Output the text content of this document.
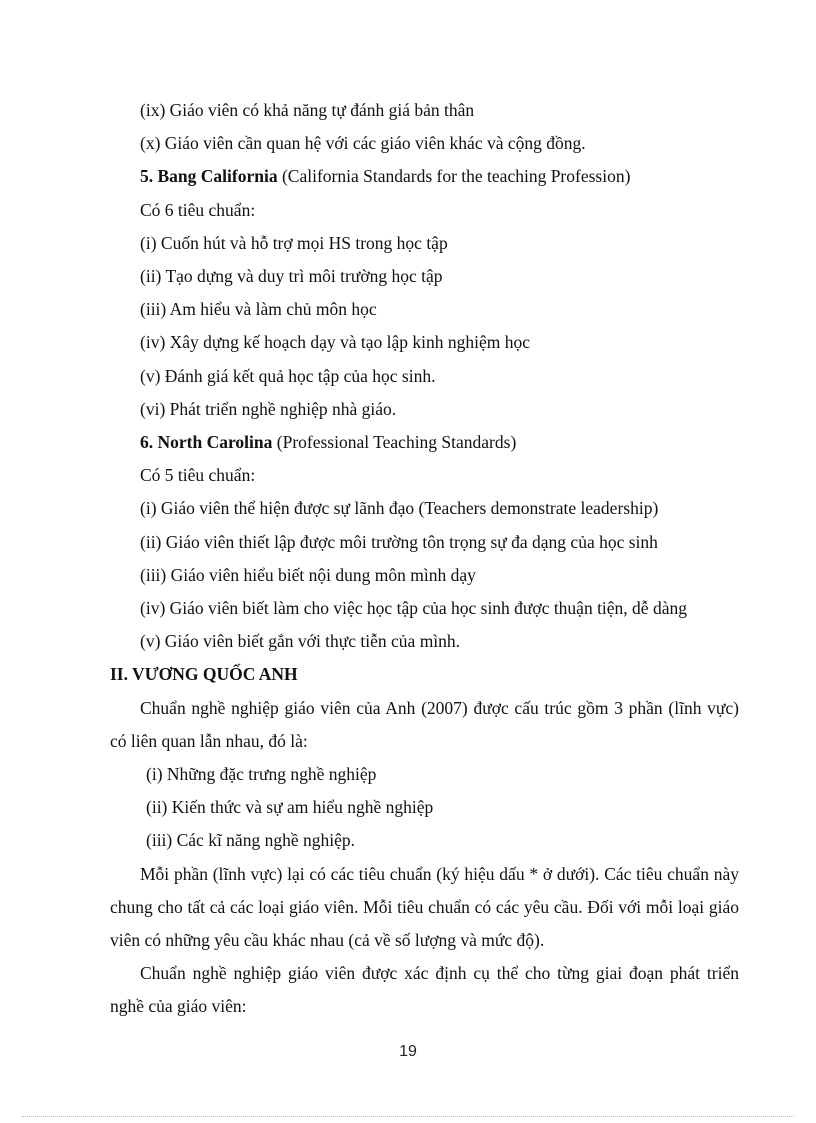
(ix) Giáo viên có khả năng tự đánh giá bản thân
(x) Giáo viên cần quan hệ với các giáo viên khác và cộng đồng.
5. Bang California (California Standards for the teaching Profession)
Có 6 tiêu chuẩn:
(i) Cuốn hút và hỗ trợ mọi HS trong học tập
(ii) Tạo dựng và duy trì môi trường học tập
(iii) Am hiểu và làm chủ môn học
(iv) Xây dựng kế hoạch dạy và tạo lập kinh nghiệm học
(v) Đánh giá kết quả học tập của học sinh.
(vi) Phát triển nghề nghiệp nhà giáo.
6. North Carolina (Professional Teaching Standards)
Có 5 tiêu chuẩn:
(i) Giáo viên thể hiện được sự lãnh đạo (Teachers demonstrate leadership)
(ii) Giáo viên thiết lập được môi trường tôn trọng sự đa dạng của học sinh
(iii) Giáo viên hiểu biết nội dung môn mình dạy
(iv) Giáo viên biết làm cho việc học tập của học sinh được thuận tiện, dễ dàng
(v) Giáo viên biết gắn với thực tiễn của mình.
II. VƯƠNG QUỐC ANH
Chuẩn nghề nghiệp giáo viên của Anh (2007) được cấu trúc gồm 3 phần (lĩnh vực) có liên quan lẫn nhau, đó là:
(i) Những đặc trưng nghề nghiệp
(ii) Kiến thức và sự am hiểu nghề nghiệp
(iii) Các kĩ năng nghề nghiệp.
Mỗi phần (lĩnh vực) lại có các tiêu chuẩn (ký hiệu dấu * ở dưới). Các tiêu chuẩn này chung cho tất cả các loại giáo viên. Mỗi tiêu chuẩn có các yêu cầu. Đối với mỗi loại giáo viên có những yêu cầu khác nhau (cả về số lượng và mức độ).
Chuẩn nghề nghiệp giáo viên được xác định cụ thể cho từng giai đoạn phát triển nghề của giáo viên:
19
